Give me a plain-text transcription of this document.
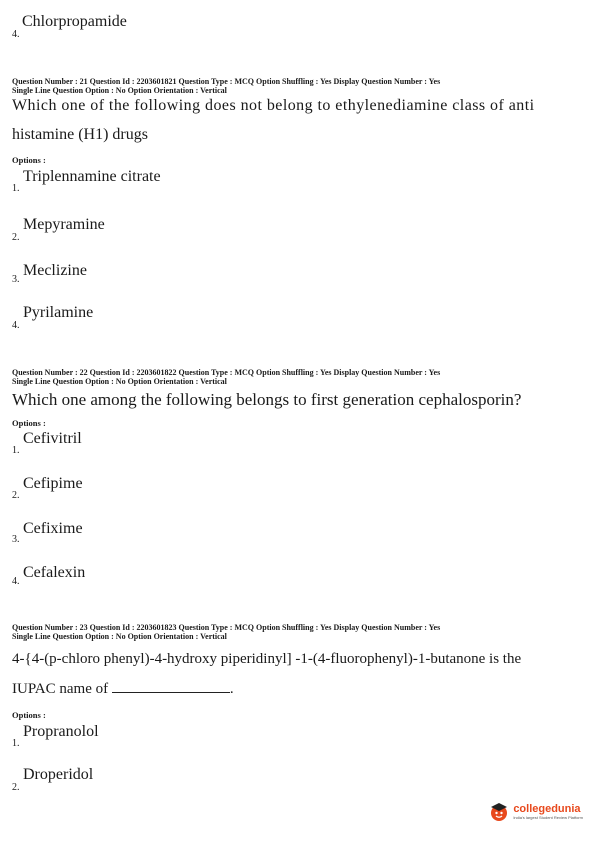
4.
Chlorpropamide
Question Number : 21 Question Id : 2203601821 Question Type : MCQ Option Shuffling : Yes Display Question Number : Yes
Single Line Question Option : No Option Orientation : Vertical
Which one of the following does not belong to ethylenediamine class of anti
histamine (H1) drugs
Options :
1.
Triplennamine citrate
2.
Mepyramine
3.
Meclizine
4.
Pyrilamine
Question Number : 22 Question Id : 2203601822 Question Type : MCQ Option Shuffling : Yes Display Question Number : Yes
Single Line Question Option : No Option Orientation : Vertical
Which one among the following belongs to first generation cephalosporin?
Options :
1.
Cefivitril
2.
Cefipime
3.
Cefixime
4.
Cefalexin
Question Number : 23 Question Id : 2203601823 Question Type : MCQ Option Shuffling : Yes Display Question Number : Yes
Single Line Question Option : No Option Orientation : Vertical
4-{4-(p-chloro phenyl)-4-hydroxy piperidinyl] -1-(4-fluorophenyl)-1-butanone is the
IUPAC name of	.
Options :
1.
Propranolol
2.
Droperidol
collegedunia
India's largest Student Review Platform
